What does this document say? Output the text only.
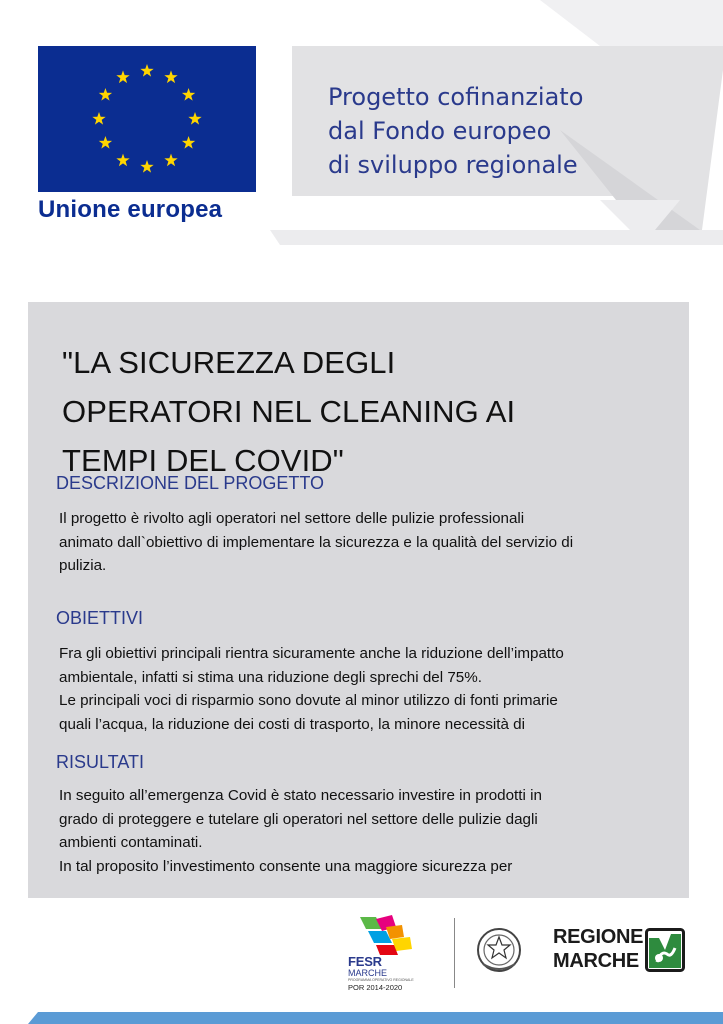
Unione europea
Progetto cofinanziato
dal Fondo europeo
di sviluppo regionale
"LA SICUREZZA DEGLI
OPERATORI NEL CLEANING AI
TEMPI DEL COVID"
DESCRIZIONE DEL PROGETTO
Il progetto è rivolto agli operatori nel settore delle pulizie professionali
animato dall`obiettivo di implementare la sicurezza e la qualità del servizio di
pulizia.
OBIETTIVI
Fra gli obiettivi principali rientra sicuramente anche la riduzione dell’impatto
ambientale, infatti si stima una riduzione degli sprechi del 75%.
Le principali voci di risparmio sono dovute al minor utilizzo di fonti primarie
quali l’acqua, la riduzione dei costi di trasporto, la minore necessità di
RISULTATI
In seguito all’emergenza Covid è stato necessario investire in prodotti in
grado di proteggere e tutelare gli operatori nel settore delle pulizie dagli
ambienti contaminati.
In tal proposito l’investimento consente una maggiore sicurezza per
FESR
MARCHE
PROGRAMMA OPERATIVO REGIONALE
POR 2014-2020
REGIONE
MARCHE
